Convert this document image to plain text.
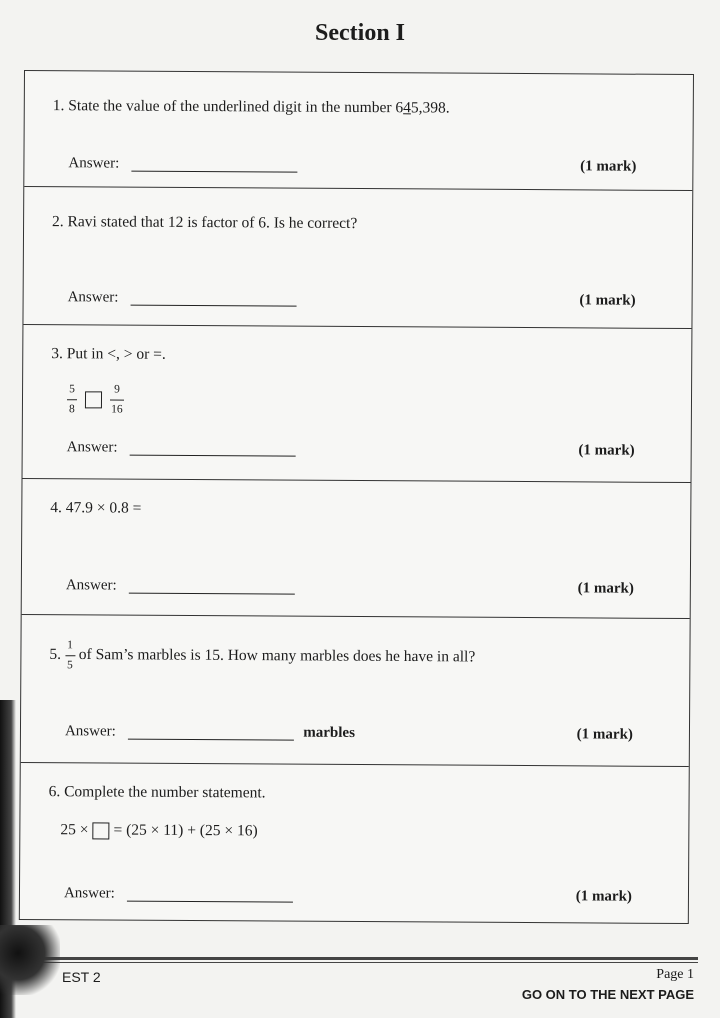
Section I
1. State the value of the underlined digit in the number 645,398.
Answer:	(1 mark)
2. Ravi stated that 12 is factor of 6. Is he correct?
Answer:	(1 mark)
3. Put in <, > or =.
$\frac{5}{8}$
	$\frac{9}{16}$
Answer:	(1 mark)
4. 47.9 × 0.8 =
Answer:	(1 mark)
5. $\frac{1}{5}$ of Sam’s marbles is 15. How many marbles does he have in all?
Answer:	marbles	(1 mark)
6. Complete the number statement.
25 × = (25 × 11) + (25 × 16)
Answer:	(1 mark)
EST 2	Page 1
GO ON TO THE NEXT PAGE
